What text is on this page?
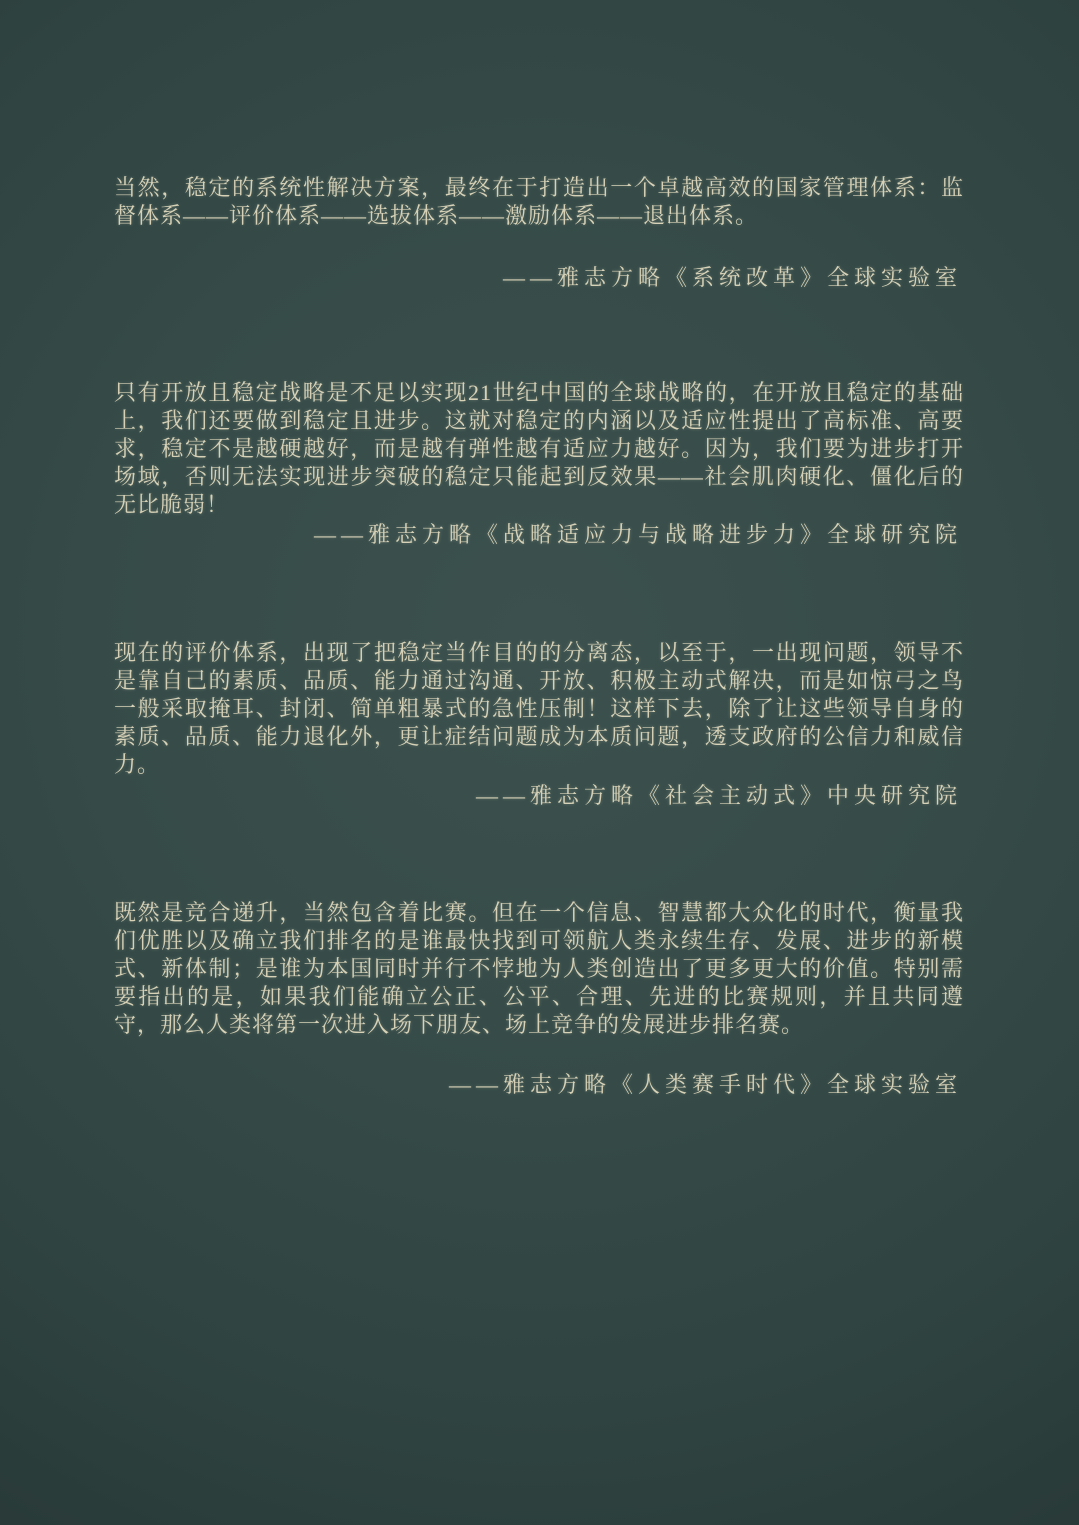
当然，稳定的系统性解决方案，最终在于打造出一个卓越高效的国家管理体系：监督体系——评价体系——选拔体系——激励体系——退出体系。

——雅志方略《系统改革》全球实验室

只有开放且稳定战略是不足以实现21世纪中国的全球战略的，在开放且稳定的基础上，我们还要做到稳定且进步。这就对稳定的内涵以及适应性提出了高标准、高要求，稳定不是越硬越好，而是越有弹性越有适应力越好。因为，我们要为进步打开场域，否则无法实现进步突破的稳定只能起到反效果——社会肌肉硬化、僵化后的无比脆弱！

——雅志方略《战略适应力与战略进步力》全球研究院

现在的评价体系，出现了把稳定当作目的的分离态，以至于，一出现问题，领导不是靠自己的素质、品质、能力通过沟通、开放、积极主动式解决，而是如惊弓之鸟一般采取掩耳、封闭、简单粗暴式的急性压制！这样下去，除了让这些领导自身的素质、品质、能力退化外，更让症结问题成为本质问题，透支政府的公信力和威信力。

——雅志方略《社会主动式》中央研究院

既然是竞合递升，当然包含着比赛。但在一个信息、智慧都大众化的时代，衡量我们优胜以及确立我们排名的是谁最快找到可领航人类永续生存、发展、进步的新模式、新体制；是谁为本国同时并行不悖地为人类创造出了更多更大的价值。特别需要指出的是，如果我们能确立公正、公平、合理、先进的比赛规则，并且共同遵守，那么人类将第一次进入场下朋友、场上竞争的发展进步排名赛。

——雅志方略《人类赛手时代》全球实验室
